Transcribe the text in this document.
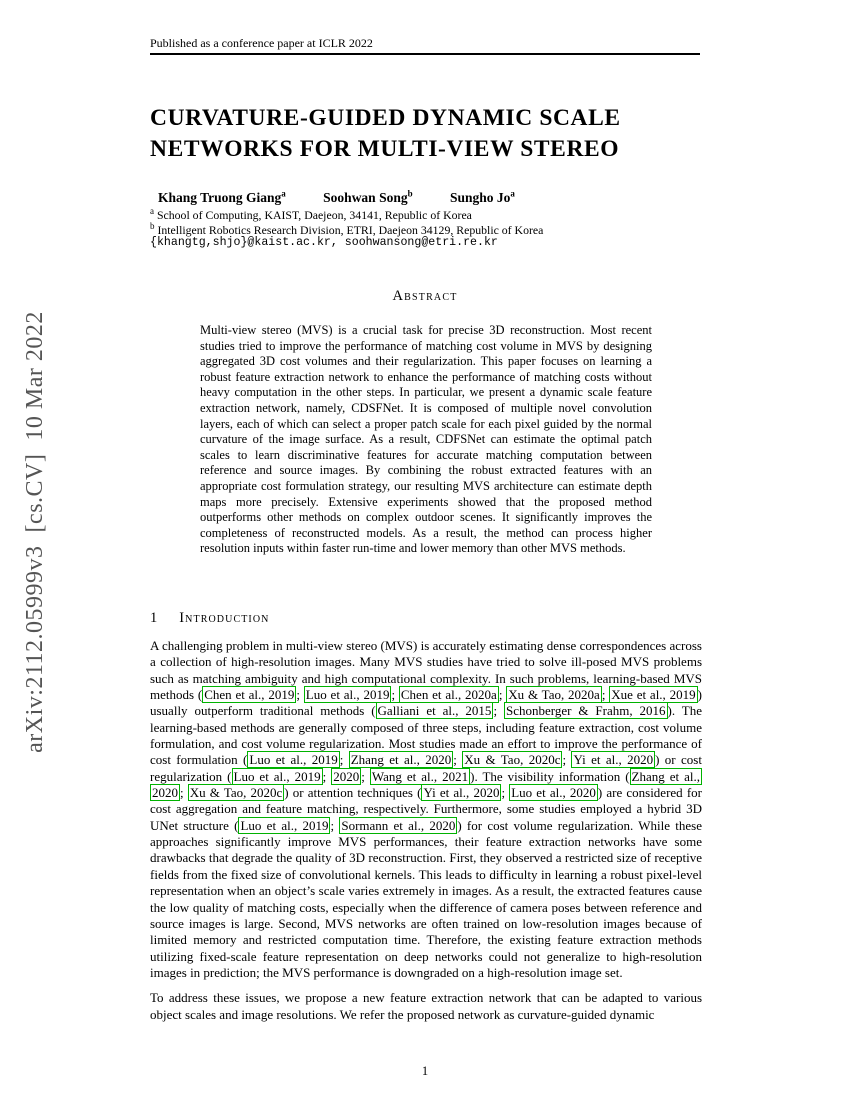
arXiv:2112.05999v3  [cs.CV]  10 Mar 2022
Published as a conference paper at ICLR 2022
CURVATURE-GUIDED DYNAMIC SCALE
NETWORKS FOR MULTI-VIEW STEREO
Khang Truong Giang$^a$	Soohwan Song$^b$	Sungho Jo$^a$
$^a$ School of Computing, KAIST, Daejeon, 34141, Republic of Korea
$^b$ Intelligent Robotics Research Division, ETRI, Daejeon 34129, Republic of Korea
{khangtg,shjo}@kaist.ac.kr, soohwansong@etri.re.kr
Abstract
Multi-view stereo (MVS) is a crucial task for precise 3D reconstruction. Most recent studies tried to improve the performance of matching cost volume in MVS by designing aggregated 3D cost volumes and their regularization. This paper focuses on learning a robust feature extraction network to enhance the performance of matching costs without heavy computation in the other steps. In particular, we present a dynamic scale feature extraction network, namely, CDSFNet. It is composed of multiple novel convolution layers, each of which can select a proper patch scale for each pixel guided by the normal curvature of the image surface. As a result, CDFSNet can estimate the optimal patch scales to learn discriminative features for accurate matching computation between reference and source images. By combining the robust extracted features with an appropriate cost formulation strategy, our resulting MVS architecture can estimate depth maps more precisely. Extensive experiments showed that the proposed method outperforms other methods on complex outdoor scenes. It significantly improves the completeness of reconstructed models. As a result, the method can process higher resolution inputs within faster run-time and lower memory than other MVS methods.
1 Introduction

A challenging problem in multi-view stereo (MVS) is accurately estimating dense correspondences across a collection of high-resolution images. Many MVS studies have tried to solve ill-posed MVS problems such as matching ambiguity and high computational complexity. In such problems, learning-based MVS methods ( Chen et al., 2019 ; Luo et al., 2019 ; Chen et al., 2020a ; Xu & Tao, 2020a ; Xue et al., 2019 ) usually outperform traditional methods ( Galliani et al., 2015 ; Schonberger & Frahm, 2016 ). The learning-based methods are generally composed of three steps, including feature extraction, cost volume formulation, and cost volume regularization. Most studies made an effort to improve the performance of cost formulation ( Luo et al., 2019 ; Zhang et al., 2020 ; Xu & Tao, 2020c ; Yi et al., 2020 ) or cost regularization ( Luo et al., 2019 ; 2020 ; Wang et al., 2021 ). The visibility information ( Zhang et al., 2020 ; Xu & Tao, 2020c ) or attention techniques ( Yi et al., 2020 ; Luo et al., 2020 ) are considered for cost aggregation and feature matching, respectively. Furthermore, some studies employed a hybrid 3D UNet structure ( Luo et al., 2019 ; Sormann et al., 2020 ) for cost volume regularization. While these approaches significantly improve MVS performances, their feature extraction networks have some drawbacks that degrade the quality of 3D reconstruction. First, they observed a restricted size of receptive fields from the fixed size of convolutional kernels. This leads to difficulty in learning a robust pixel-level representation when an object’s scale varies extremely in images. As a result, the extracted features cause the low quality of matching costs, especially when the difference of camera poses between reference and source images is large. Second, MVS networks are often trained on low-resolution images because of limited memory and restricted computation time. Therefore, the existing feature extraction methods utilizing fixed-scale feature representation on deep networks could not generalize to high-resolution images in prediction; the MVS performance is downgraded on a high-resolution image set.

To address these issues, we propose a new feature extraction network that can be adapted to various object scales and image resolutions. We refer the proposed network as curvature-guided dynamic

1
